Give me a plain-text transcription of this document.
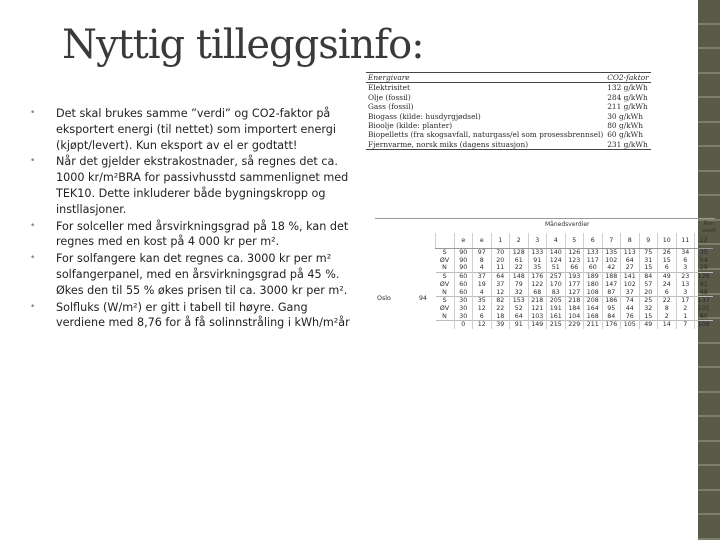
Nyttig tilleggsinfo:
• Det skal brukes samme ”verdi” og CO2-faktor på eksportert energi (til nettet) som importert energi (kjøpt/levert). Kun eksport av el er godtatt!
• Når det gjelder ekstrakostnader, så regnes det ca. 1000 kr/m²BRA for passivhusstd sammenlignet med TEK10. Dette inkluderer både bygningskropp og instllasjoner.
• For solceller med årsvirkningsgrad på 18 %, kan det regnes med en kost på 4 000 kr per m².
• For solfangere kan det regnes ca. 3000 kr per m² solfangerpanel, med en årsvirkningsgrad på 45 %. Økes den til 55 % økes prisen til ca. 3000 kr per m².
• Solfluks (W/m²) er gitt i tabell til høyre. Gang verdiene med 8,76 for å få solinnstråling i kWh/m²år
Energivare	CO2-faktor
Elektrisitet	132 g/kWh
Olje (fossil)	284 g/kWh
Gass (fossil)	211 g/kWh
Biogass (kilde: husdyrgjødsel)	30 g/kWh
Bioolje (kilde: planter)	80 g/kWh
Biopelletts (fra skogsavfall, naturgass/el som prosessbrennsel)	60 g/kWh
Fjernvarme, norsk miks (dagens situasjon)	231 g/kWh
Månedsverdier	Års-verdi
Oslo	94
	e	e	1	2	3	4	5	6	7	8	9	10	11	12
S	90	97	70	128	133	140	126	133	135	113	75	26	34	35
ØV	90	8	20	61	91	124	123	117	102	64	31	15	6	54
N	90	4	11	22	35	51	66	60	42	27	15	6	3	29
S	60	37	64	148	176	257	193	189	188	141	84	49	23	126
ØV	60	19	37	79	122	170	177	180	147	102	57	24	13	91
N	60	4	12	32	68	83	127	108	87	37	20	6	3	48
S	30	35	82	153	218	205	218	208	186	74	25	22	17	137
ØV	30	12	22	52	121	191	184	164	95	44	32	8	2	101
N	30	6	18	64	103	161	104	168	84	76	15	2	1	80
	0	12	39	91	149	215	229	211	176	105	49	14	7	109
